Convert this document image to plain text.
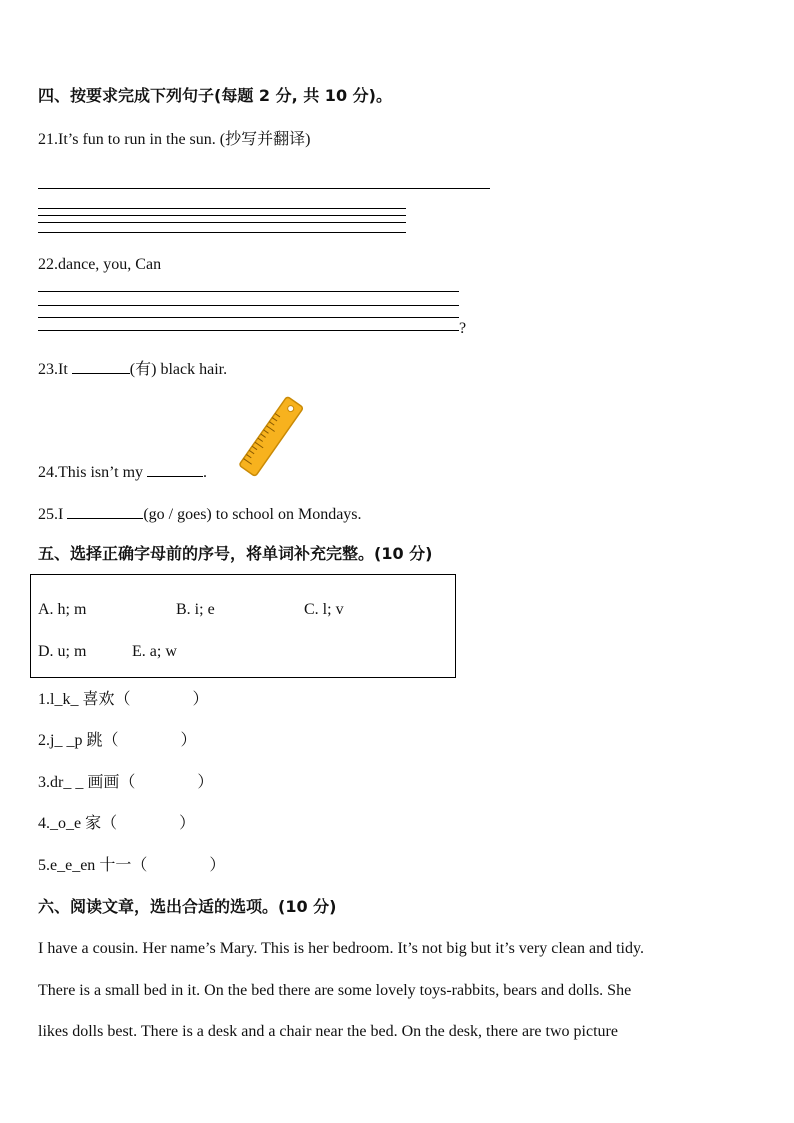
四、按要求完成下列句子(每题 2 分, 共 10 分)。
21.It’s fun to run in the sun. (抄写并翻译)
22.dance, you, Can
?
23.It	(有) black hair.
24.This isn’t my	.
25.I	(go / goes) to school on Mondays.
五、选择正确字母前的序号，将单词补充完整。(10 分)
A. h; m	B. i; e	C. l; v
D. u; m	E. a; w
1.l_k_ 喜欢（	）
2.j_ _p 跳（	）
3.dr_ _ 画画（	）
4._o_e 家（	）
5.e_e_en 十一（	）
六、阅读文章，选出合适的选项。(10 分)
I have a cousin. Her name’s Mary. This is her bedroom. It’s not big but it’s very clean and tidy.
There is a small bed in it. On the bed there are some lovely toys-rabbits, bears and dolls. She
likes dolls best. There is a desk and a chair near the bed. On the desk, there are two picture
